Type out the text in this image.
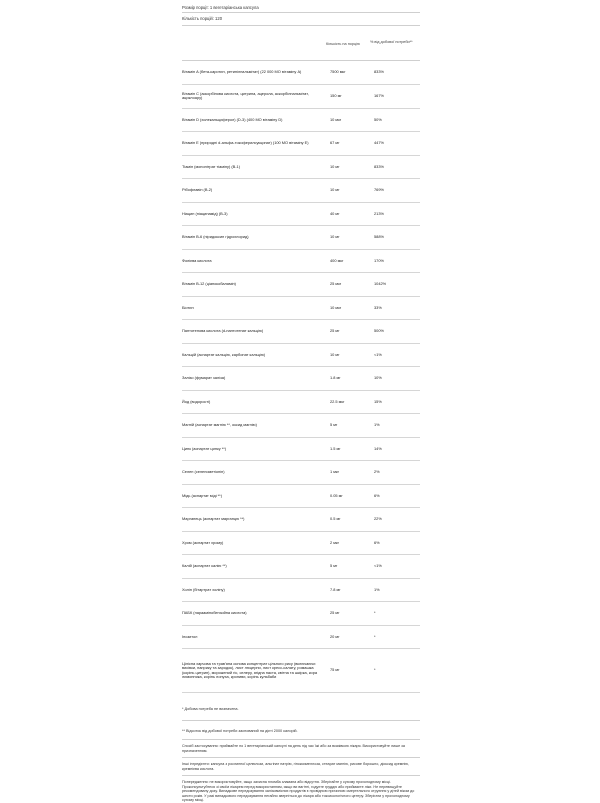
Розмір порції: 1 вегетаріанська капсула
Кількість порцій: 120
Кількість на порцію	% від добової потреби**
Вітамін A (бета-каротин, ретинілпальмітат) (22 000 МО вітаміну A)	7500 мкг	833%
Вітамін C (аскорбінова кислота, цитрина, ацерола, аскорбілпальмітат, ациклоару)	150 мг	167%
Вітамін D (холекальциферол) (D-3) (400 МО вітаміну D)	10 мкг	50%
Вітамін E (природні d-альфа-токоферилсукцинат) (100 МО вітаміну E)	67 мг	447%
Тіамін (мононітрат тіаміну) (B-1)	10 мг	833%
Рібофлавін (B-2)	10 мг	769%
Ніацин (ніацинамід) (B-3)	40 мг	213%
Вітамін B-6 (піридоксин гідрохлорид)	10 мг	588%
Фолієва кислота	400 мкг	170%
Вітамін B-12 (ціанокобаламін)	25 мкг	1042%
Біотин	10 мкг	33%
Пантотенова кислота (d-пантотенат кальцію)	25 мг	500%
Кальцій (аспартат кальцію, карбонат кальцію)	10 мг	<1%
Залізо (фумарат заліза)	1.8 мг	10%
Йод (водорості)	22.5 мкг	15%
Магній (аспартат магнію **, оксид магнію)	5 мг	1%
Цинк (аспартат цинку **)	1.5 мг	14%
Селен (селенометіонін)	1 мкг	2%
Мідь (аспартат міді **)	0.05 мг	6%
Марганець (аспартат марганцю **)	0.5 мг	22%
Хром (аспартат хрому)	2 мкг	6%
Калій (аспартат калію **)	5 мг	<1%
Холін (бітартрат холіну)	7.8 мг	1%
ПАБК (параамінобензойна кислота)	25 мг	*
Інозитол	20 мг	*
Цілісна харчова та трав'яна основа концентрат цільного рису (включаючи висівки, паприку та зародок), лист люцерни, лист кресс-салату, ромашка (корінь цитрин), морожений гіс, селеру, ягідна паста, квітна та шкірка, кора лимонника, корінь лопуха, кропиви, корінь кульбаби	75 мг	*
* Добова потреба не визначена.
** Відсоток від добової потреби заснований на дієті 2000 калорій.
Спосіб застосування: приймайте по 1 вегетаріанській капсулі на день під час їжі або за вказівкою лікаря. Використовуйте лише за призначенням.
Інші інгредієнти: капсула з рослинної целюлози, альгінат натрію, гіпоксимеллоза, стеарат магнію, рисове борошно, діоксид кремнію, кремнієва кислота.
Попередження: не використовуйте, якщо захисна пломба зламана або відсутня. Зберігайте у сухому прохолодному місці. Проконсультуйтеся зі своїм лікарем перед використанням, якщо ви вагітні, годуєте груддю або приймаєте ліки. Не перевищуйте рекомендовану дозу. Випадкове передозування залізовмісних продуктів є провідною причиною смертельного отруєння у дітей віком до шести років. У разі випадкового передозування негайно зверніться до лікаря або токсикологічного центру. Зберігати у прохолодному сухому місці.
